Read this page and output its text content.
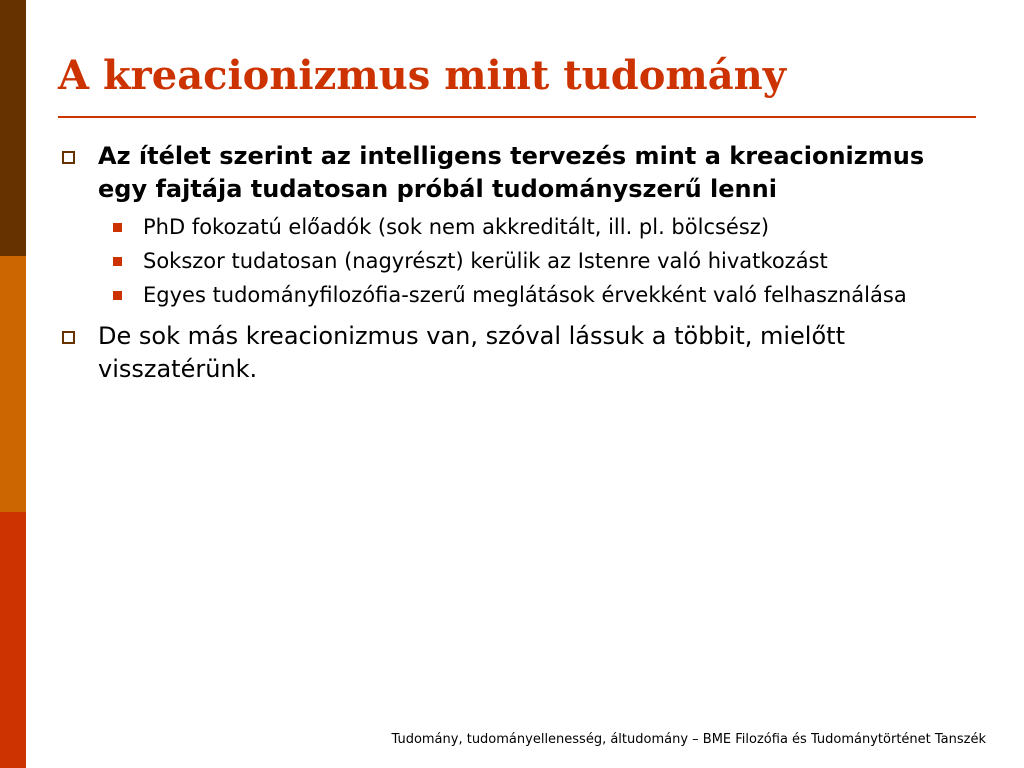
A kreacionizmus mint tudomány
Az ítélet szerint az intelligens tervezés mint a kreacionizmus egy fajtája tudatosan próbál tudományszerű lenni
PhD fokozatú előadók (sok nem akkreditált, ill. pl. bölcsész)
Sokszor tudatosan (nagyrészt) kerülik az Istenre való hivatkozást
Egyes tudományfilozófia-szerű meglátások érvekként való felhasználása
De sok más kreacionizmus van, szóval lássuk a többit, mielőtt visszatérünk.
Tudomány, tudományellenesség, áltudomány – BME Filozófia és Tudománytörténet Tanszék
